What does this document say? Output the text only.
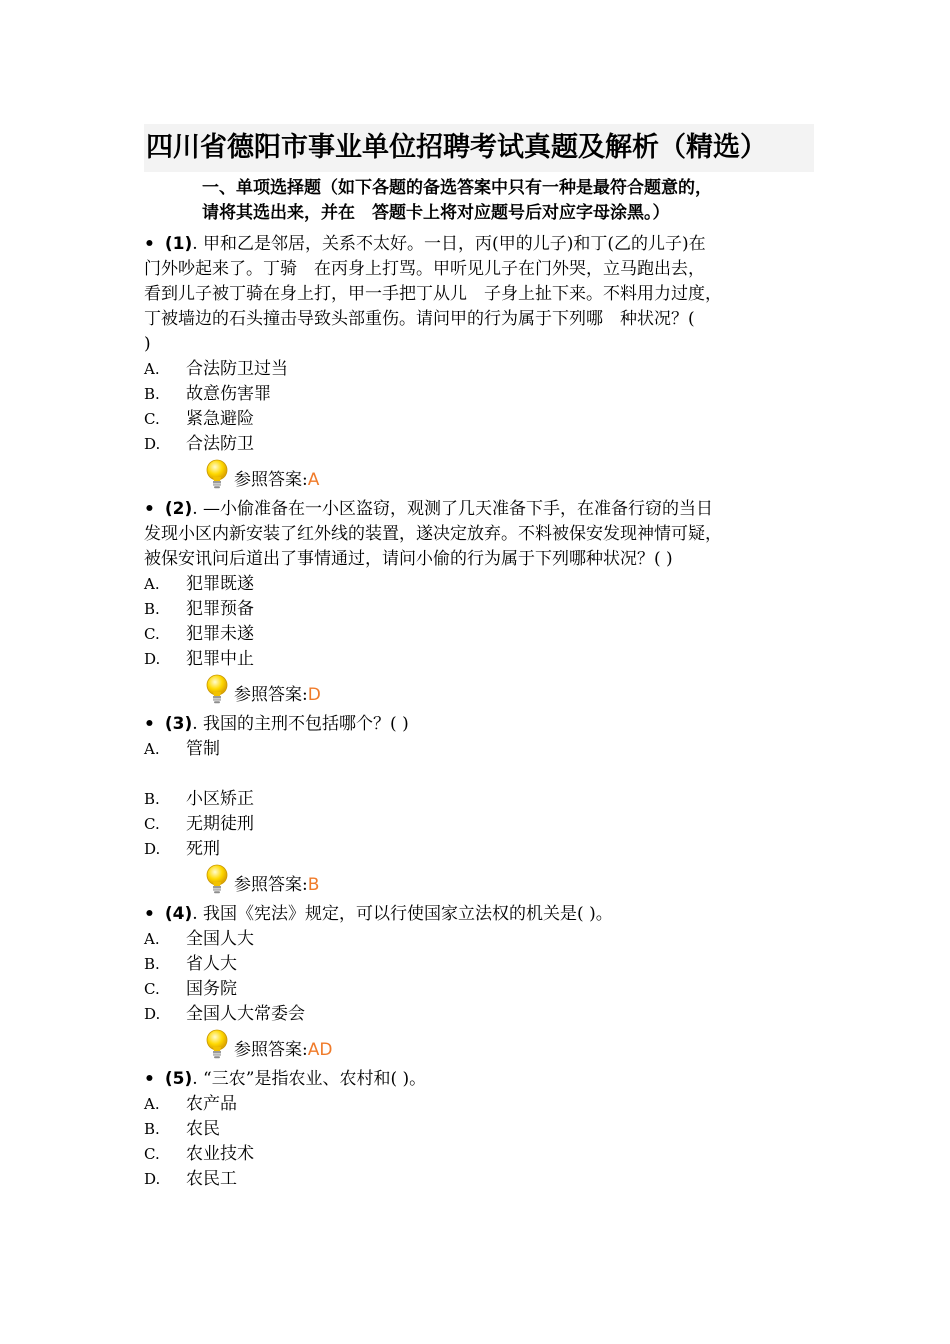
四川省德阳市事业单位招聘考试真题及解析（精选）
一、单项选择题（如下各题的备选答案中只有一种是最符合题意的，
请将其选出来，并在　答题卡上将对应题号后对应字母涂黑。）
• (1). 甲和乙是邻居，关系不太好。一日，丙(甲的儿子)和丁(乙的儿子)在
门外吵起来了。丁骑　在丙身上打骂。甲听见儿子在门外哭，立马跑出去，
看到儿子被丁骑在身上打，甲一手把丁从儿　子身上扯下来。不料用力过度，
丁被墙边的石头撞击导致头部重伤。请问甲的行为属于下列哪　种状况？(
)
A.	合法防卫过当
B.	故意伤害罪
C.	紧急避险
D.	合法防卫
参照答案: A
• (2). —小偷准备在一小区盗窃，观测了几天准备下手，在准备行窃的当日
发现小区内新安装了红外线的装置，遂决定放弃。不料被保安发现神情可疑，
被保安讯问后道出了事情通过，请问小偷的行为属于下列哪种状况？( )
A.	犯罪既遂
B.	犯罪预备
C.	犯罪未遂
D.	犯罪中止
参照答案: D
• (3). 我国的主刑不包括哪个？( )
A.	管制
B.	小区矫正
C.	无期徒刑
D.	死刑
参照答案: B
• (4). 我国《宪法》规定，可以行使国家立法权的机关是( )。
A.	全国人大
B.	省人大
C.	国务院
D.	全国人大常委会
参照答案: AD
• (5). “三农”是指农业、农村和( )。
A.	农产品
B.	农民
C.	农业技术
D.	农民工
